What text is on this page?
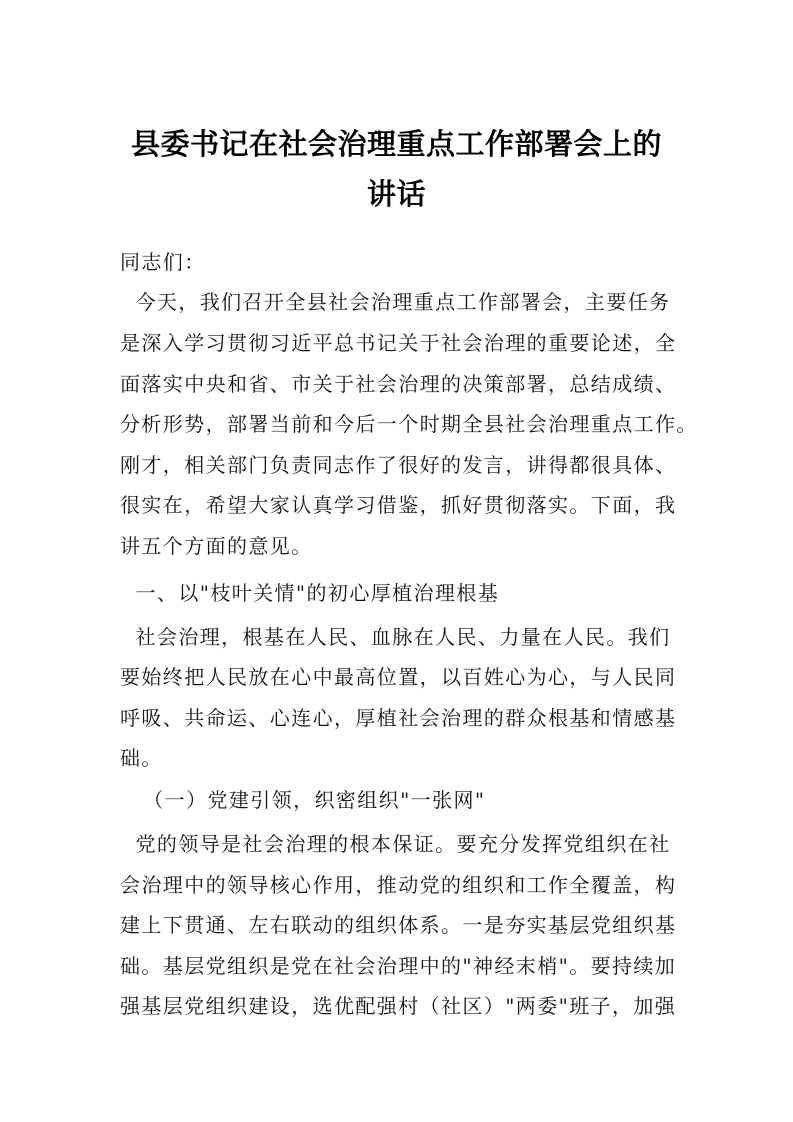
县委书记在社会治理重点工作部署会上的
讲话
同志们：
今天，我们召开全县社会治理重点工作部署会，主要任务
是深入学习贯彻习近平总书记关于社会治理的重要论述，全
面落实中央和省、市关于社会治理的决策部署，总结成绩、
分析形势，部署当前和今后一个时期全县社会治理重点工作。
刚才，相关部门负责同志作了很好的发言，讲得都很具体、
很实在，希望大家认真学习借鉴，抓好贯彻落实。下面，我
讲五个方面的意见。
一、以"枝叶关情"的初心厚植治理根基
社会治理，根基在人民、血脉在人民、力量在人民。我们
要始终把人民放在心中最高位置，以百姓心为心，与人民同
呼吸、共命运、心连心，厚植社会治理的群众根基和情感基
础。
（一）党建引领，织密组织"一张网"
党的领导是社会治理的根本保证。要充分发挥党组织在社
会治理中的领导核心作用，推动党的组织和工作全覆盖，构
建上下贯通、左右联动的组织体系。一是夯实基层党组织基
础。基层党组织是党在社会治理中的"神经末梢"。要持续加
强基层党组织建设，选优配强村（社区）"两委"班子，加强
